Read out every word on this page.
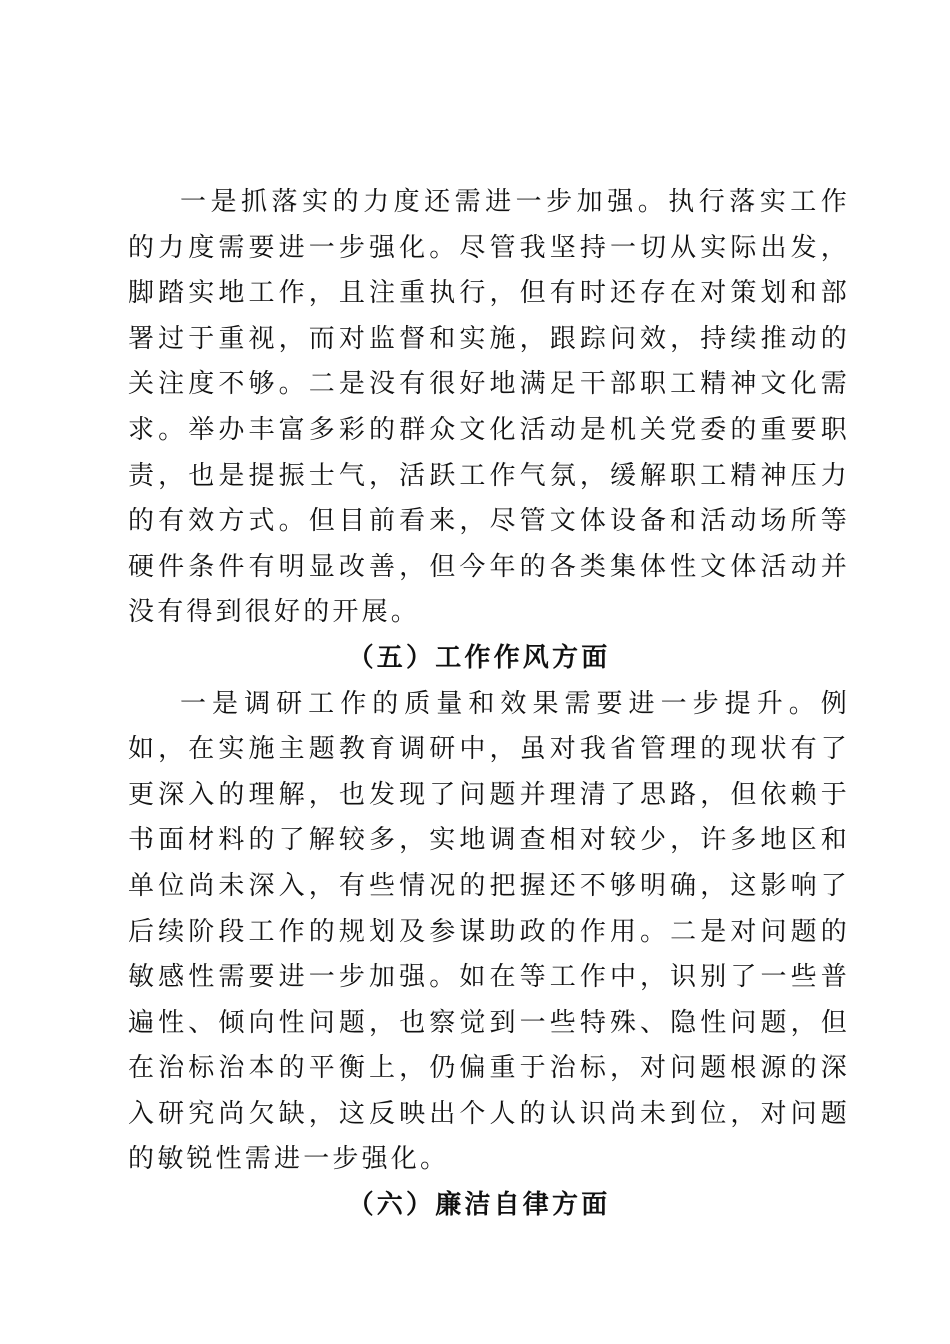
一是抓落实的力度还需进一步加强。执行落实工作的力度需要进一步强化。尽管我坚持一切从实际出发，脚踏实地工作，且注重执行，但有时还存在对策划和部署过于重视，而对监督和实施，跟踪问效，持续推动的关注度不够。二是没有很好地满足干部职工精神文化需求。举办丰富多彩的群众文化活动是机关党委的重要职责，也是提振士气，活跃工作气氛，缓解职工精神压力的有效方式。但目前看来，尽管文体设备和活动场所等硬件条件有明显改善，但今年的各类集体性文体活动并没有得到很好的开展。

（五）工作作风方面

一是调研工作的质量和效果需要进一步提升。例如，在实施主题教育调研中，虽对我省管理的现状有了更深入的理解，也发现了问题并理清了思路，但依赖于书面材料的了解较多，实地调查相对较少，许多地区和单位尚未深入，有些情况的把握还不够明确，这影响了后续阶段工作的规划及参谋助政的作用。二是对问题的敏感性需要进一步加强。如在等工作中，识别了一些普遍性、倾向性问题，也察觉到一些特殊、隐性问题，但在治标治本的平衡上，仍偏重于治标，对问题根源的深入研究尚欠缺，这反映出个人的认识尚未到位，对问题的敏锐性需进一步强化。

（六）廉洁自律方面
